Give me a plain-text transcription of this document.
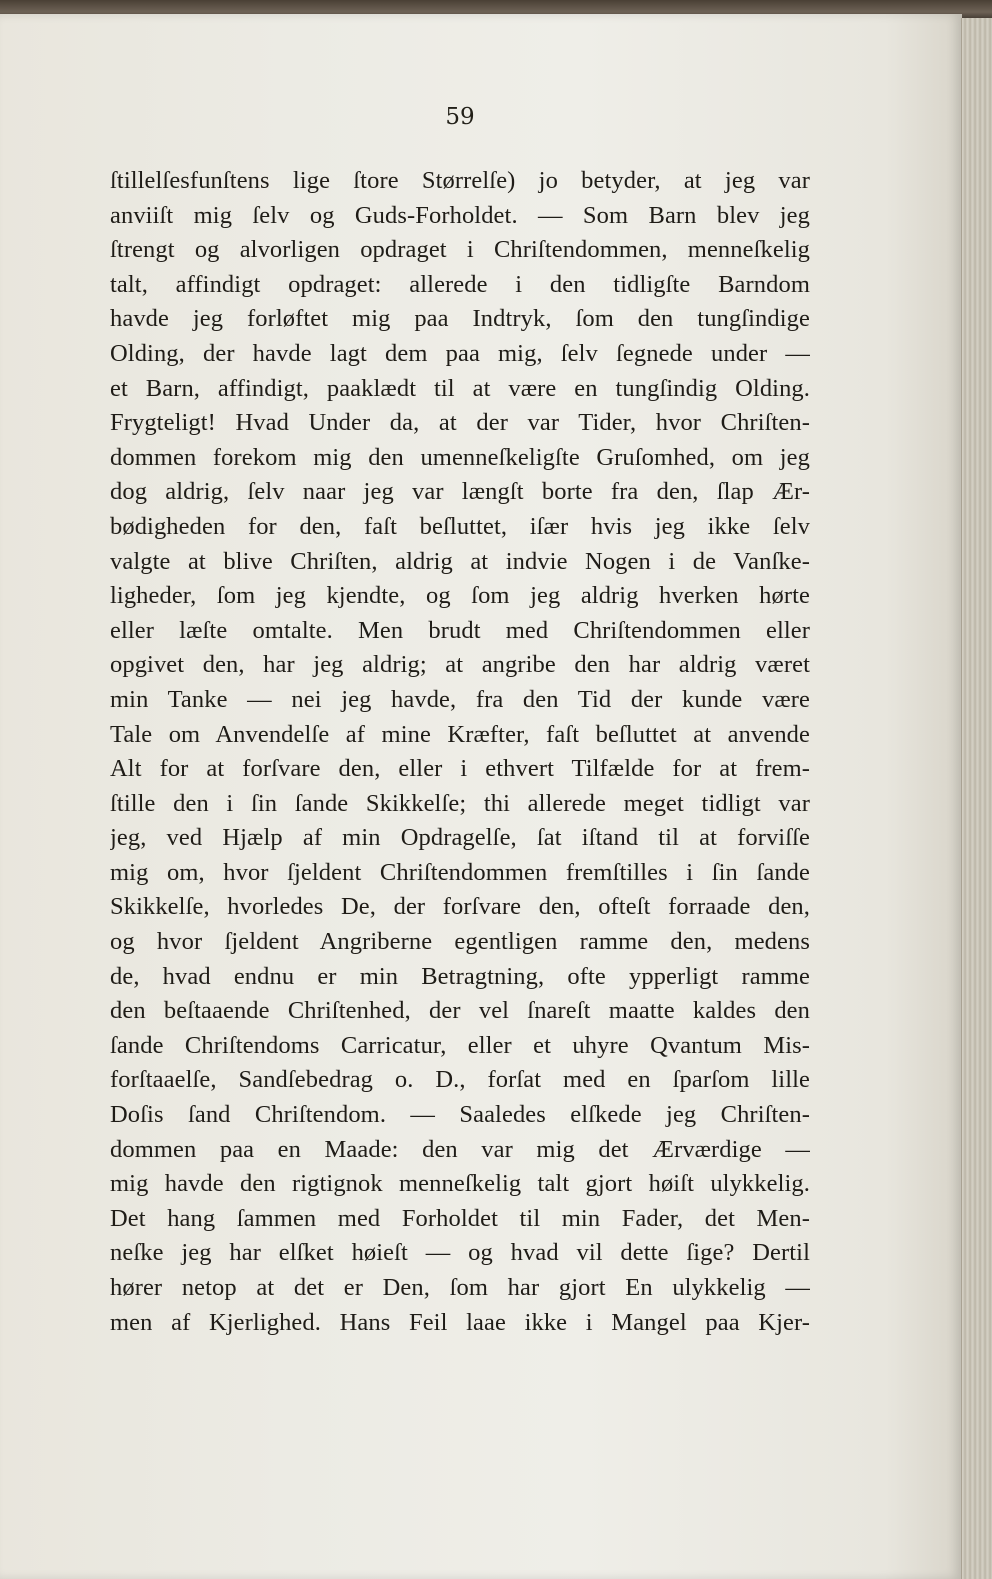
59
ſtillelſesfunſtens lige ſtore Størrelſe) jo betyder, at jeg var
anviiſt mig ſelv og Guds-Forholdet. — Som Barn blev jeg
ſtrengt og alvorligen opdraget i Chriſtendommen, menneſkelig
talt, affindigt opdraget: allerede i den tidligſte Barndom
havde jeg forløftet mig paa Indtryk, ſom den tungſindige
Olding, der havde lagt dem paa mig, ſelv ſegnede under —
et Barn, affindigt, paaklædt til at være en tungſindig Olding.
Frygteligt! Hvad Under da, at der var Tider, hvor Chriſten-
dommen forekom mig den umenneſkeligſte Gruſomhed, om jeg
dog aldrig, ſelv naar jeg var længſt borte fra den, ſlap Ær-
bødigheden for den, faſt beſluttet, iſær hvis jeg ikke ſelv
valgte at blive Chriſten, aldrig at indvie Nogen i de Vanſke-
ligheder, ſom jeg kjendte, og ſom jeg aldrig hverken hørte
eller læſte omtalte. Men brudt med Chriſtendommen eller
opgivet den, har jeg aldrig; at angribe den har aldrig været
min Tanke — nei jeg havde, fra den Tid der kunde være
Tale om Anvendelſe af mine Kræfter, faſt beſluttet at anvende
Alt for at forſvare den, eller i ethvert Tilfælde for at frem-
ſtille den i ſin ſande Skikkelſe; thi allerede meget tidligt var
jeg, ved Hjælp af min Opdragelſe, ſat iſtand til at forviſſe
mig om, hvor ſjeldent Chriſtendommen fremſtilles i ſin ſande
Skikkelſe, hvorledes De, der forſvare den, ofteſt forraade den,
og hvor ſjeldent Angriberne egentligen ramme den, medens
de, hvad endnu er min Betragtning, ofte ypperligt ramme
den beſtaaende Chriſtenhed, der vel ſnareſt maatte kaldes den
ſande Chriſtendoms Carricatur, eller et uhyre Qvantum Mis-
forſtaaelſe, Sandſebedrag o. D., forſat med en ſparſom lille
Doſis ſand Chriſtendom. — Saaledes elſkede jeg Chriſten-
dommen paa en Maade: den var mig det Ærværdige —
mig havde den rigtignok menneſkelig talt gjort høiſt ulykkelig.
Det hang ſammen med Forholdet til min Fader, det Men-
neſke jeg har elſket høieſt — og hvad vil dette ſige? Dertil
hører netop at det er Den, ſom har gjort En ulykkelig —
men af Kjerlighed. Hans Feil laae ikke i Mangel paa Kjer-
